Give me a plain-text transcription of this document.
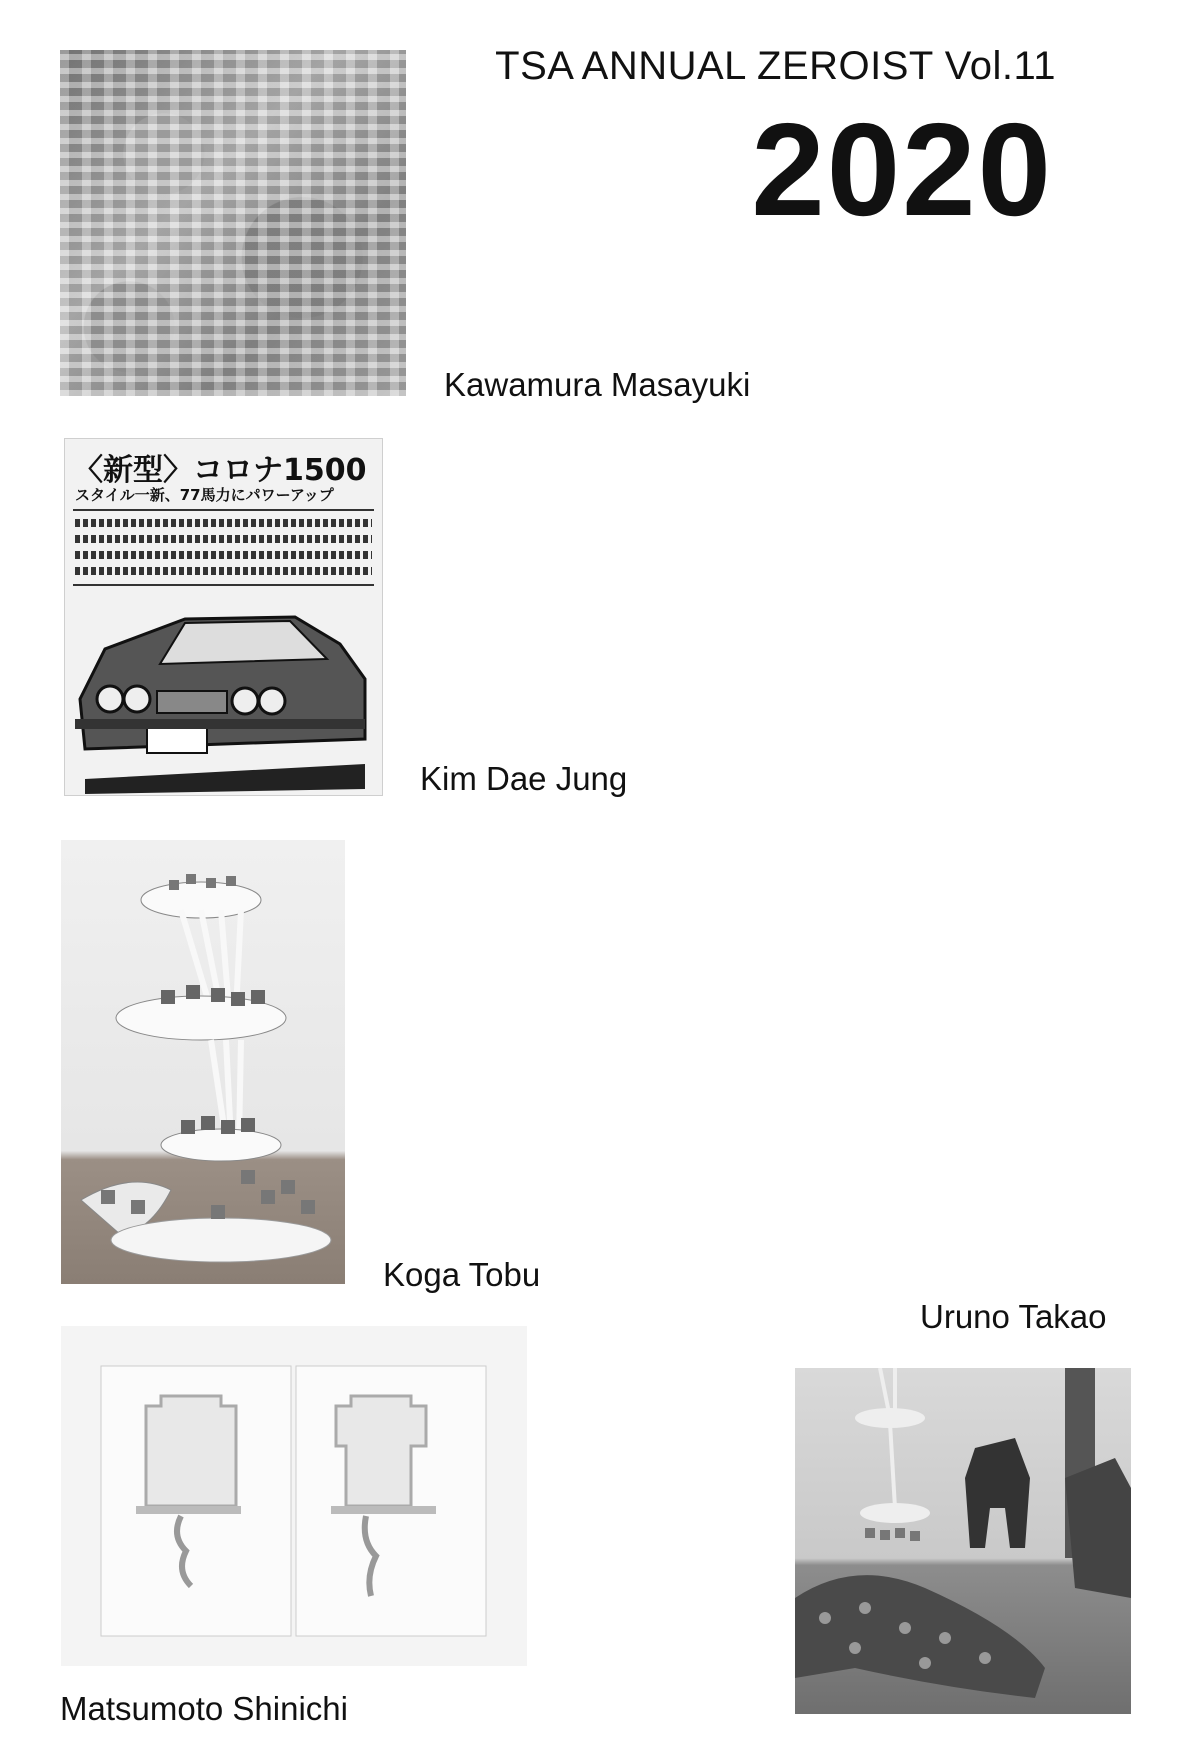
TSA ANNUAL ZEROIST Vol.11
2020
Kawamura Masayuki
〈新型〉コロナ1500
スタイル一新、77馬力にパワーアップ
Kim Dae Jung
Koga Tobu
Matsumoto Shinichi
Uruno Takao
